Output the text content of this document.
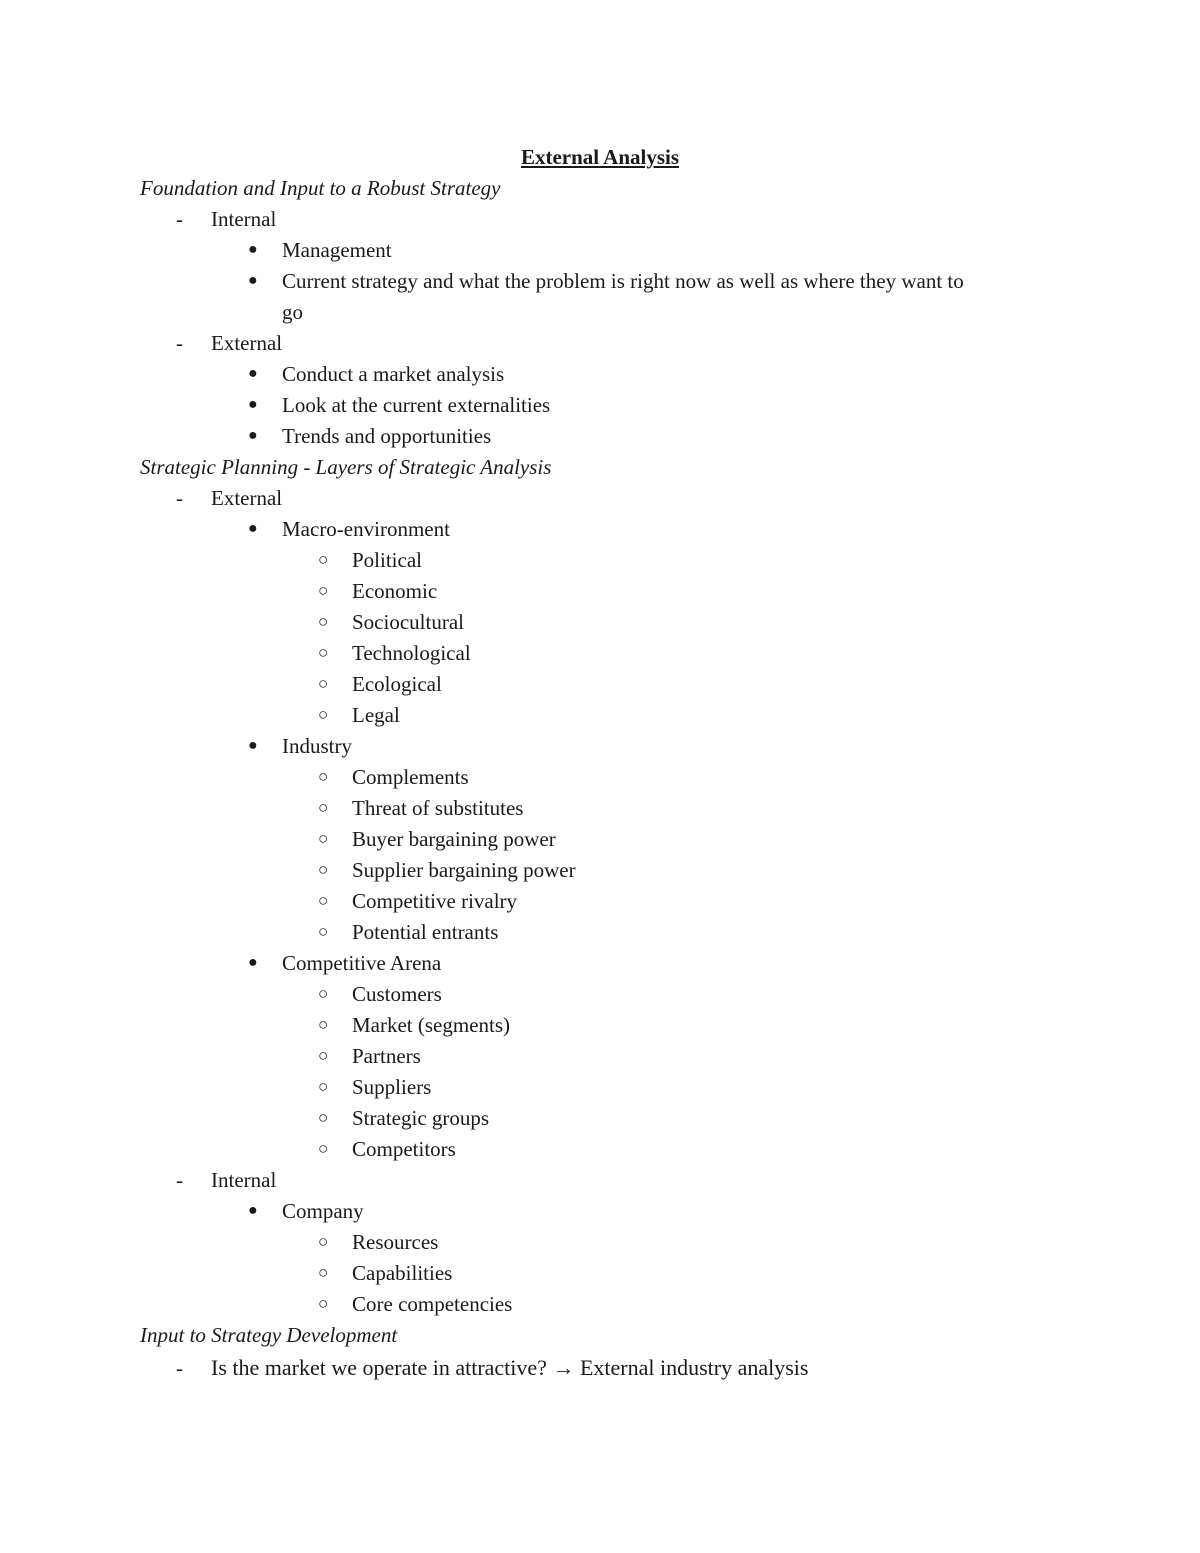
External Analysis
Foundation and Input to a Robust Strategy
- Internal
● Management
● Current strategy and what the problem is right now as well as where they want to
go
- External
● Conduct a market analysis
● Look at the current externalities
● Trends and opportunities
Strategic Planning - Layers of Strategic Analysis
- External
● Macro-environment
○ Political
○ Economic
○ Sociocultural
○ Technological
○ Ecological
○ Legal
● Industry
○ Complements
○ Threat of substitutes
○ Buyer bargaining power
○ Supplier bargaining power
○ Competitive rivalry
○ Potential entrants
● Competitive Arena
○ Customers
○ Market (segments)
○ Partners
○ Suppliers
○ Strategic groups
○ Competitors
- Internal
● Company
○ Resources
○ Capabilities
○ Core competencies
Input to Strategy Development
- Is the market we operate in attractive? → External industry analysis
